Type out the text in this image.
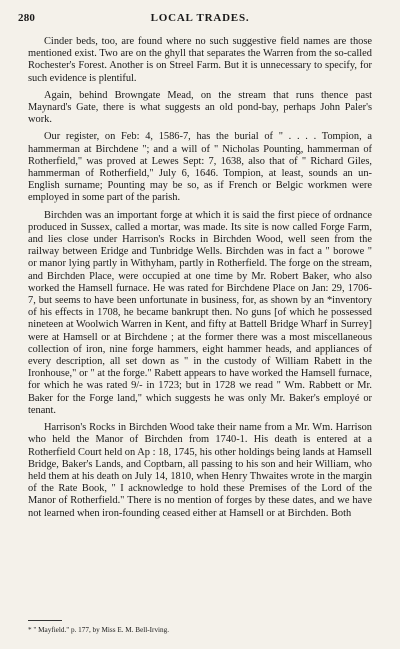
280	LOCAL TRADES.

Cinder beds, too, are found where no such suggestive field names are those mentioned exist. Two are on the ghyll that separates the Warren from the so-called Rochester's Forest. Another is on Streel Farm. But it is unnecessary to specify, for such evidence is plentiful.

Again, behind Browngate Mead, on the stream that runs thence past Maynard's Gate, there is what suggests an old pond-bay, perhaps John Paler's work.

Our register, on Feb: 4, 1586-7, has the burial of " . . . . Tompion, a hammerman at Birchdene "; and a will of " Nicholas Pounting, hammerman of Rotherfield," was proved at Lewes Sept: 7, 1638, also that of " Richard Giles, hammerman of Rotherfield," July 6, 1646. Tompion, at least, sounds an un-English surname; Pounting may be so, as if French or Belgic workmen were employed in some part of the parish.

Birchden was an important forge at which it is said the first piece of ordnance produced in Sussex, called a mortar, was made. Its site is now called Forge Farm, and lies close under Harrison's Rocks in Birchden Wood, well seen from the railway between Eridge and Tunbridge Wells. Birchden was in fact a " borowe " or manor lying partly in Withyham, partly in Rotherfield. The forge on the stream, and Birchden Place, were occupied at one time by Mr. Robert Baker, who also worked the Hamsell furnace. He was rated for Birchdene Place on Jan: 29, 1706-7, but seems to have been unfortunate in business, for, as shown by an *inventory of his effects in 1708, he became bankrupt then. No guns [of which he possessed nineteen at Woolwich Warren in Kent, and fifty at Battell Bridge Wharf in Surrey] were at Hamsell or at Birchdene ; at the former there was a most miscellaneous collection of iron, nine forge hammers, eight hammer heads, and appliances of every description, all set down as " in the custody of William Rabett in the Ironhouse," or " at the forge." Rabett appears to have worked the Hamsell furnace, for which he was rated 9/- in 1723; but in 1728 we read " Wm. Rabbett or Mr. Baker for the Forge land," which suggests he was only Mr. Baker's employé or tenant.

Harrison's Rocks in Birchden Wood take their name from a Mr. Wm. Harrison who held the Manor of Birchden from 1740-1. His death is entered at a Rotherfield Court held on Ap : 18, 1745, his other holdings being lands at Hamsell Bridge, Baker's Lands, and Coptbarn, all passing to his son and heir William, who held them at his death on July 14, 1810, when Henry Thwaites wrote in the margin of the Rate Book, " I acknowledge to hold these Premises of the Lord of the Manor of Rotherfield." There is no mention of forges by these dates, and we have not learned when iron-founding ceased either at Hamsell or at Birchden. Both

* " Mayfield." p. 177, by Miss E. M. Bell-Irving.
